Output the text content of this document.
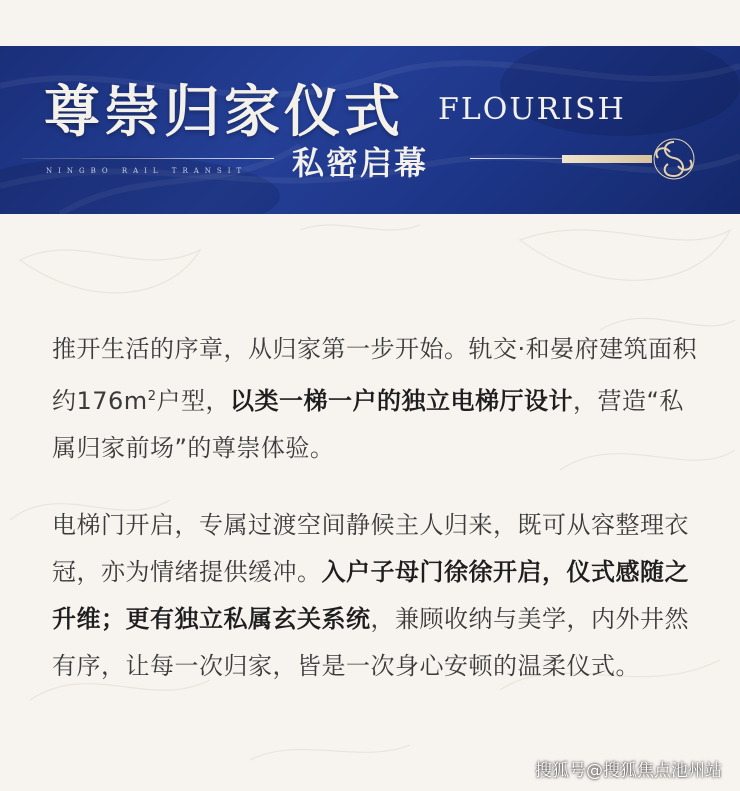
尊崇归家仪式 FLOURISH
NINGBO RAIL TRANSIT 私密启幕
推开生活的序章，从归家第一步开始。轨交·和晏府建筑面积约$176m^2$户型，以类一梯一户的独立电梯厅设计，营造“私属归家前场”的尊崇体验。
电梯门开启，专属过渡空间静候主人归来，既可从容整理衣冠，亦为情绪提供缓冲。入户子母门徐徐开启，仪式感随之升维；更有独立私属玄关系统，兼顾收纳与美学，内外井然有序，让每一次归家，皆是一次身心安顿的温柔仪式。
搜狐号@搜狐焦点池州站
